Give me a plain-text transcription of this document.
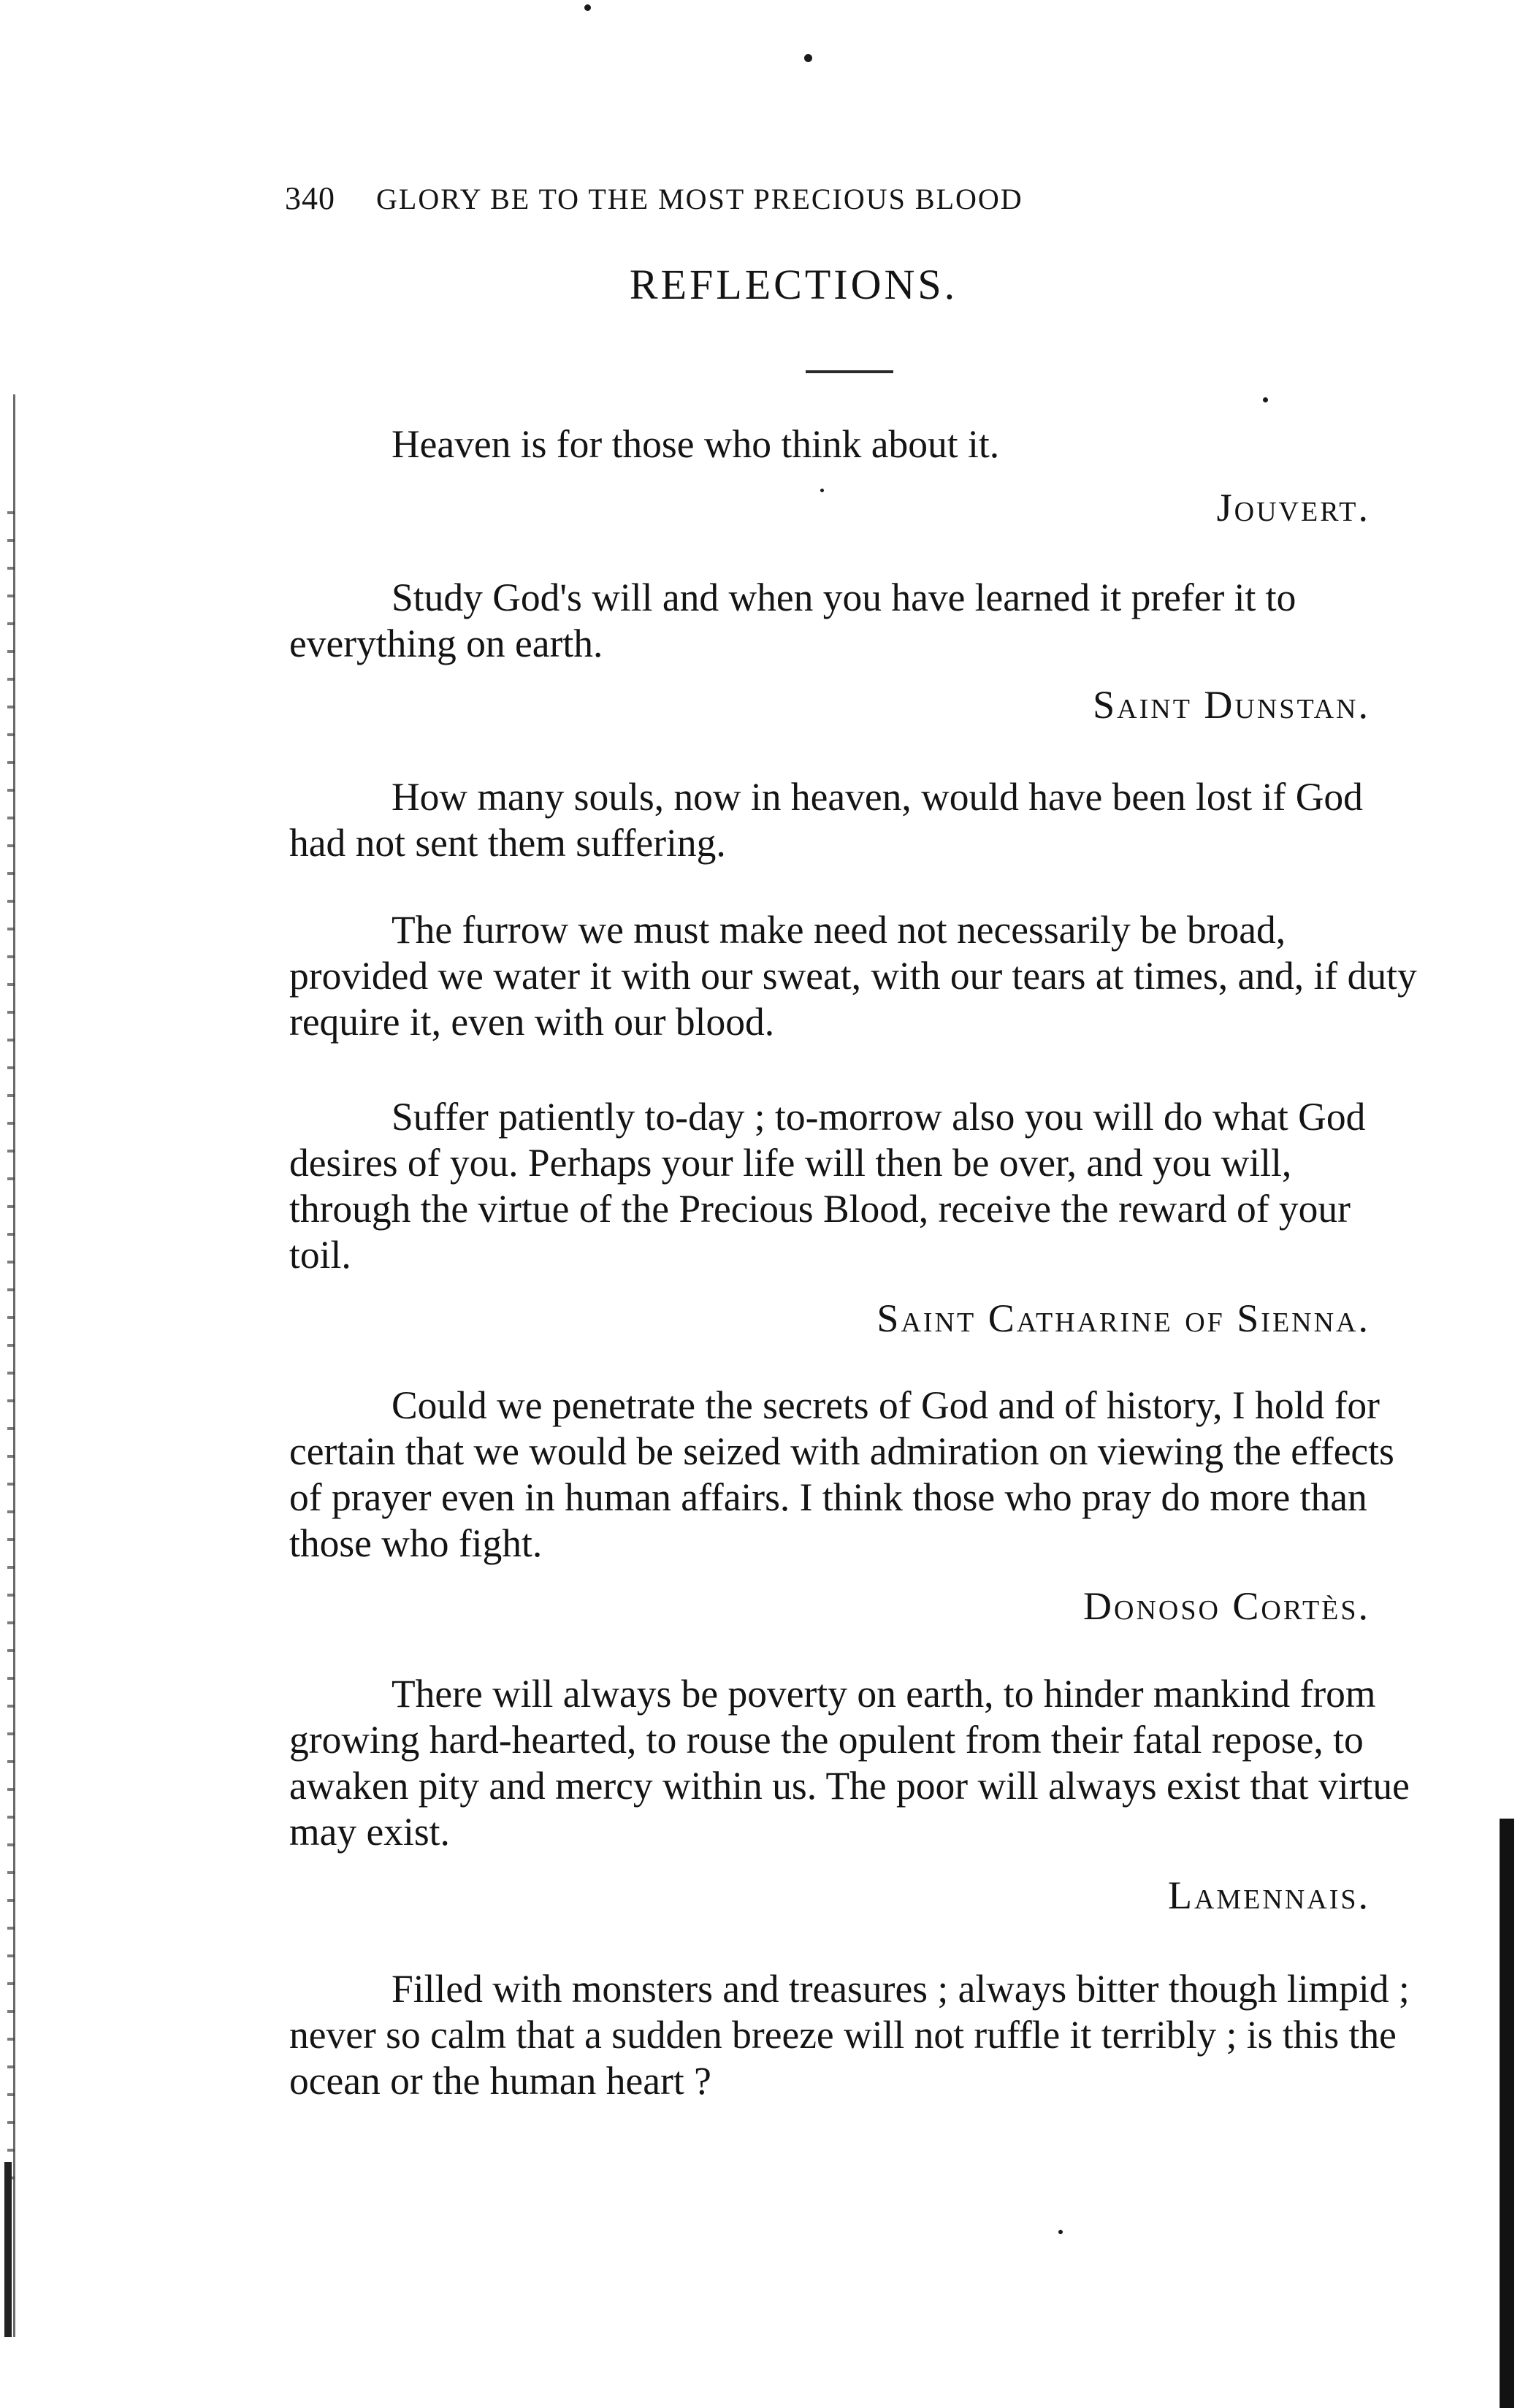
340 GLORY BE TO THE MOST PRECIOUS BLOOD
REFLECTIONS.

Heaven is for those who think about it.

Jouvert.

Study God's will and when you have learned it prefer it to everything on earth.

Saint Dunstan.

How many souls, now in heaven, would have been lost if God had not sent them suffering.

The furrow we must make need not necessarily be broad, provided we water it with our sweat, with our tears at times, and, if duty require it, even with our blood.

Suffer patiently to-day ; to-morrow also you will do what God desires of you. Perhaps your life will then be over, and you will, through the virtue of the Precious Blood, receive the reward of your toil.

Saint Catharine of Sienna.

Could we penetrate the secrets of God and of history, I hold for certain that we would be seized with admiration on viewing the effects of prayer even in human affairs. I think those who pray do more than those who fight.

Donoso Cortès.

There will always be poverty on earth, to hinder mankind from growing hard-hearted, to rouse the opulent from their fatal repose, to awaken pity and mercy within us. The poor will always exist that virtue may exist.

Lamennais.

Filled with monsters and treasures ; always bitter though limpid ; never so calm that a sudden breeze will not ruffle it terribly ; is this the ocean or the human heart ?
